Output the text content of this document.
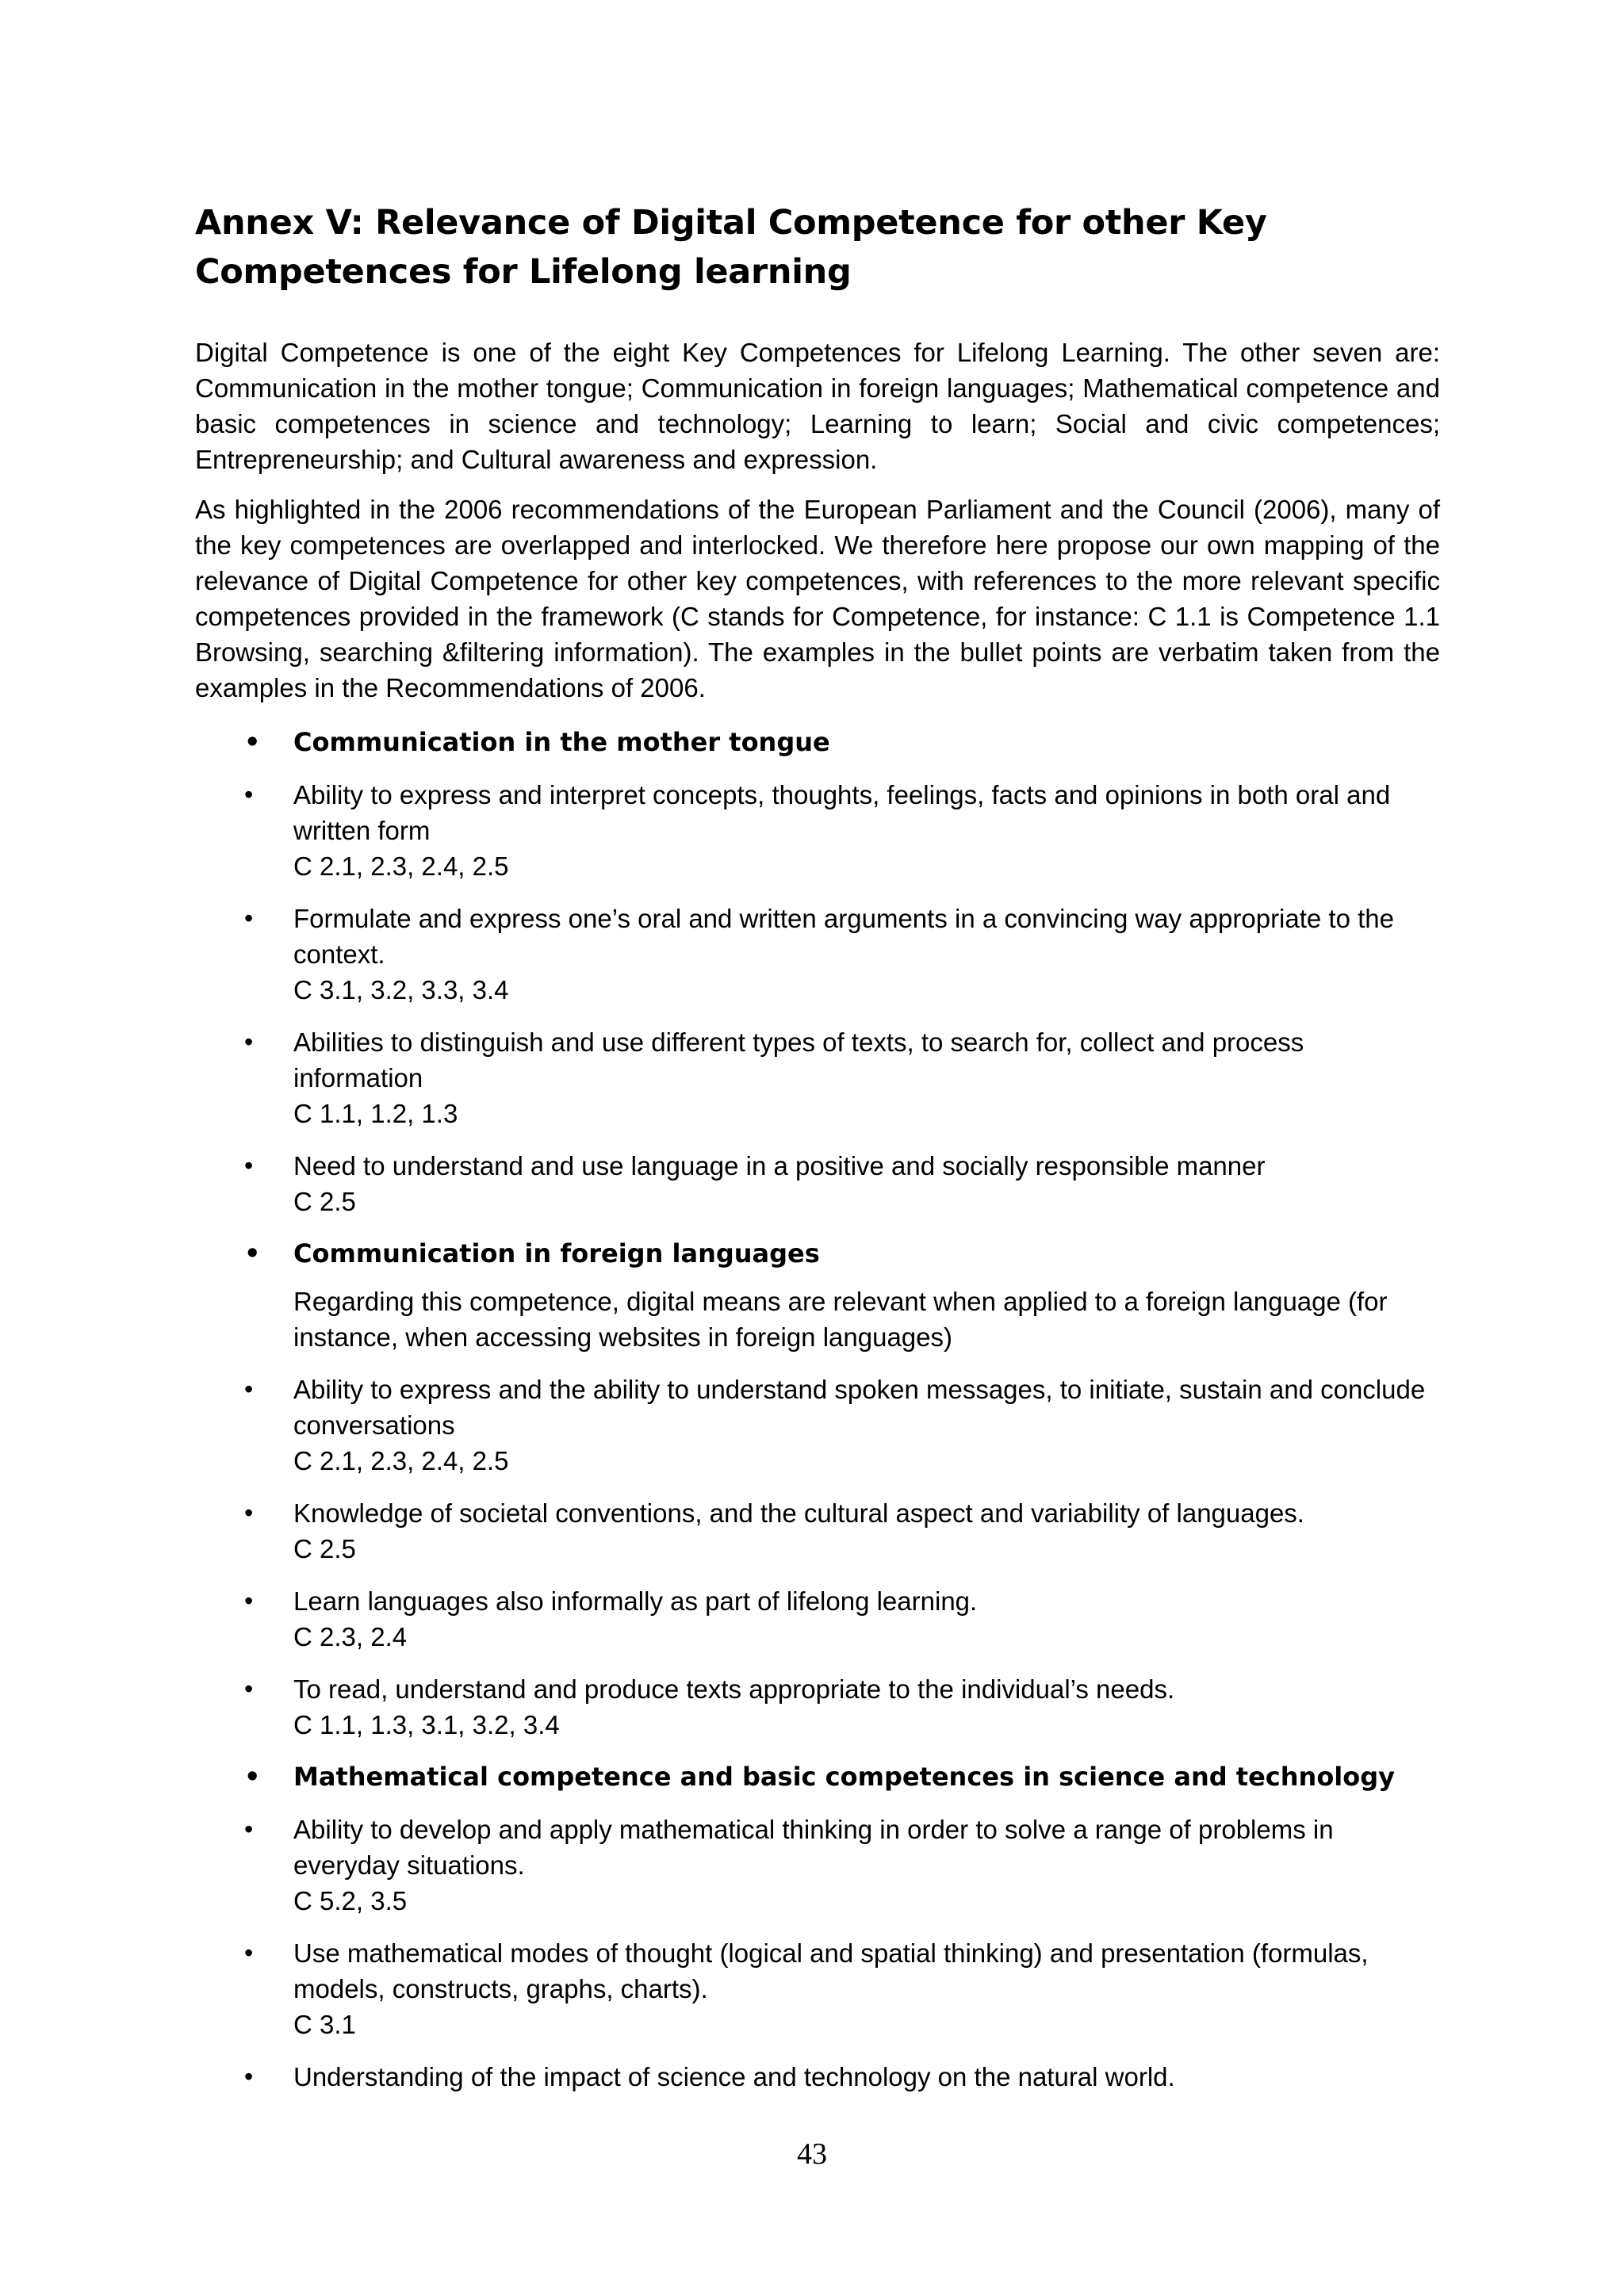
Annex V: Relevance of Digital Competence for other Key Competences for Lifelong learning

Digital Competence is one of the eight Key Competences for Lifelong Learning. The other seven are: Communication in the mother tongue; Communication in foreign languages; Mathematical competence and basic competences in science and technology; Learning to learn; Social and civic competences; Entrepreneurship; and Cultural awareness and expression.

As highlighted in the 2006 recommendations of the European Parliament and the Council (2006), many of the key competences are overlapped and interlocked. We therefore here propose our own mapping of the relevance of Digital Competence for other key competences, with references to the more relevant specific competences provided in the framework (C stands for Competence, for instance: C 1.1 is Competence 1.1 Browsing, searching &filtering information). The examples in the bullet points are verbatim taken from the examples in the Recommendations of 2006.

• Communication in the mother tongue
• Ability to express and interpret concepts, thoughts, feelings, facts and opinions in both oral and written form
C 2.1, 2.3, 2.4, 2.5
• Formulate and express one’s oral and written arguments in a convincing way appropriate to the context.
C 3.1, 3.2, 3.3, 3.4
• Abilities to distinguish and use different types of texts, to search for, collect and process information
C 1.1, 1.2, 1.3
• Need to understand and use language in a positive and socially responsible manner
C 2.5
• Communication in foreign languages
Regarding this competence, digital means are relevant when applied to a foreign language (for instance, when accessing websites in foreign languages)
• Ability to express and the ability to understand spoken messages, to initiate, sustain and conclude conversations
C 2.1, 2.3, 2.4, 2.5
• Knowledge of societal conventions, and the cultural aspect and variability of languages.
C 2.5
• Learn languages also informally as part of lifelong learning.
C 2.3, 2.4
• To read, understand and produce texts appropriate to the individual’s needs.
C 1.1, 1.3, 3.1, 3.2, 3.4
• Mathematical competence and basic competences in science and technology
• Ability to develop and apply mathematical thinking in order to solve a range of problems in everyday situations.
C 5.2, 3.5
• Use mathematical modes of thought (logical and spatial thinking) and presentation (formulas, models, constructs, graphs, charts).
C 3.1
• Understanding of the impact of science and technology on the natural world.
43
